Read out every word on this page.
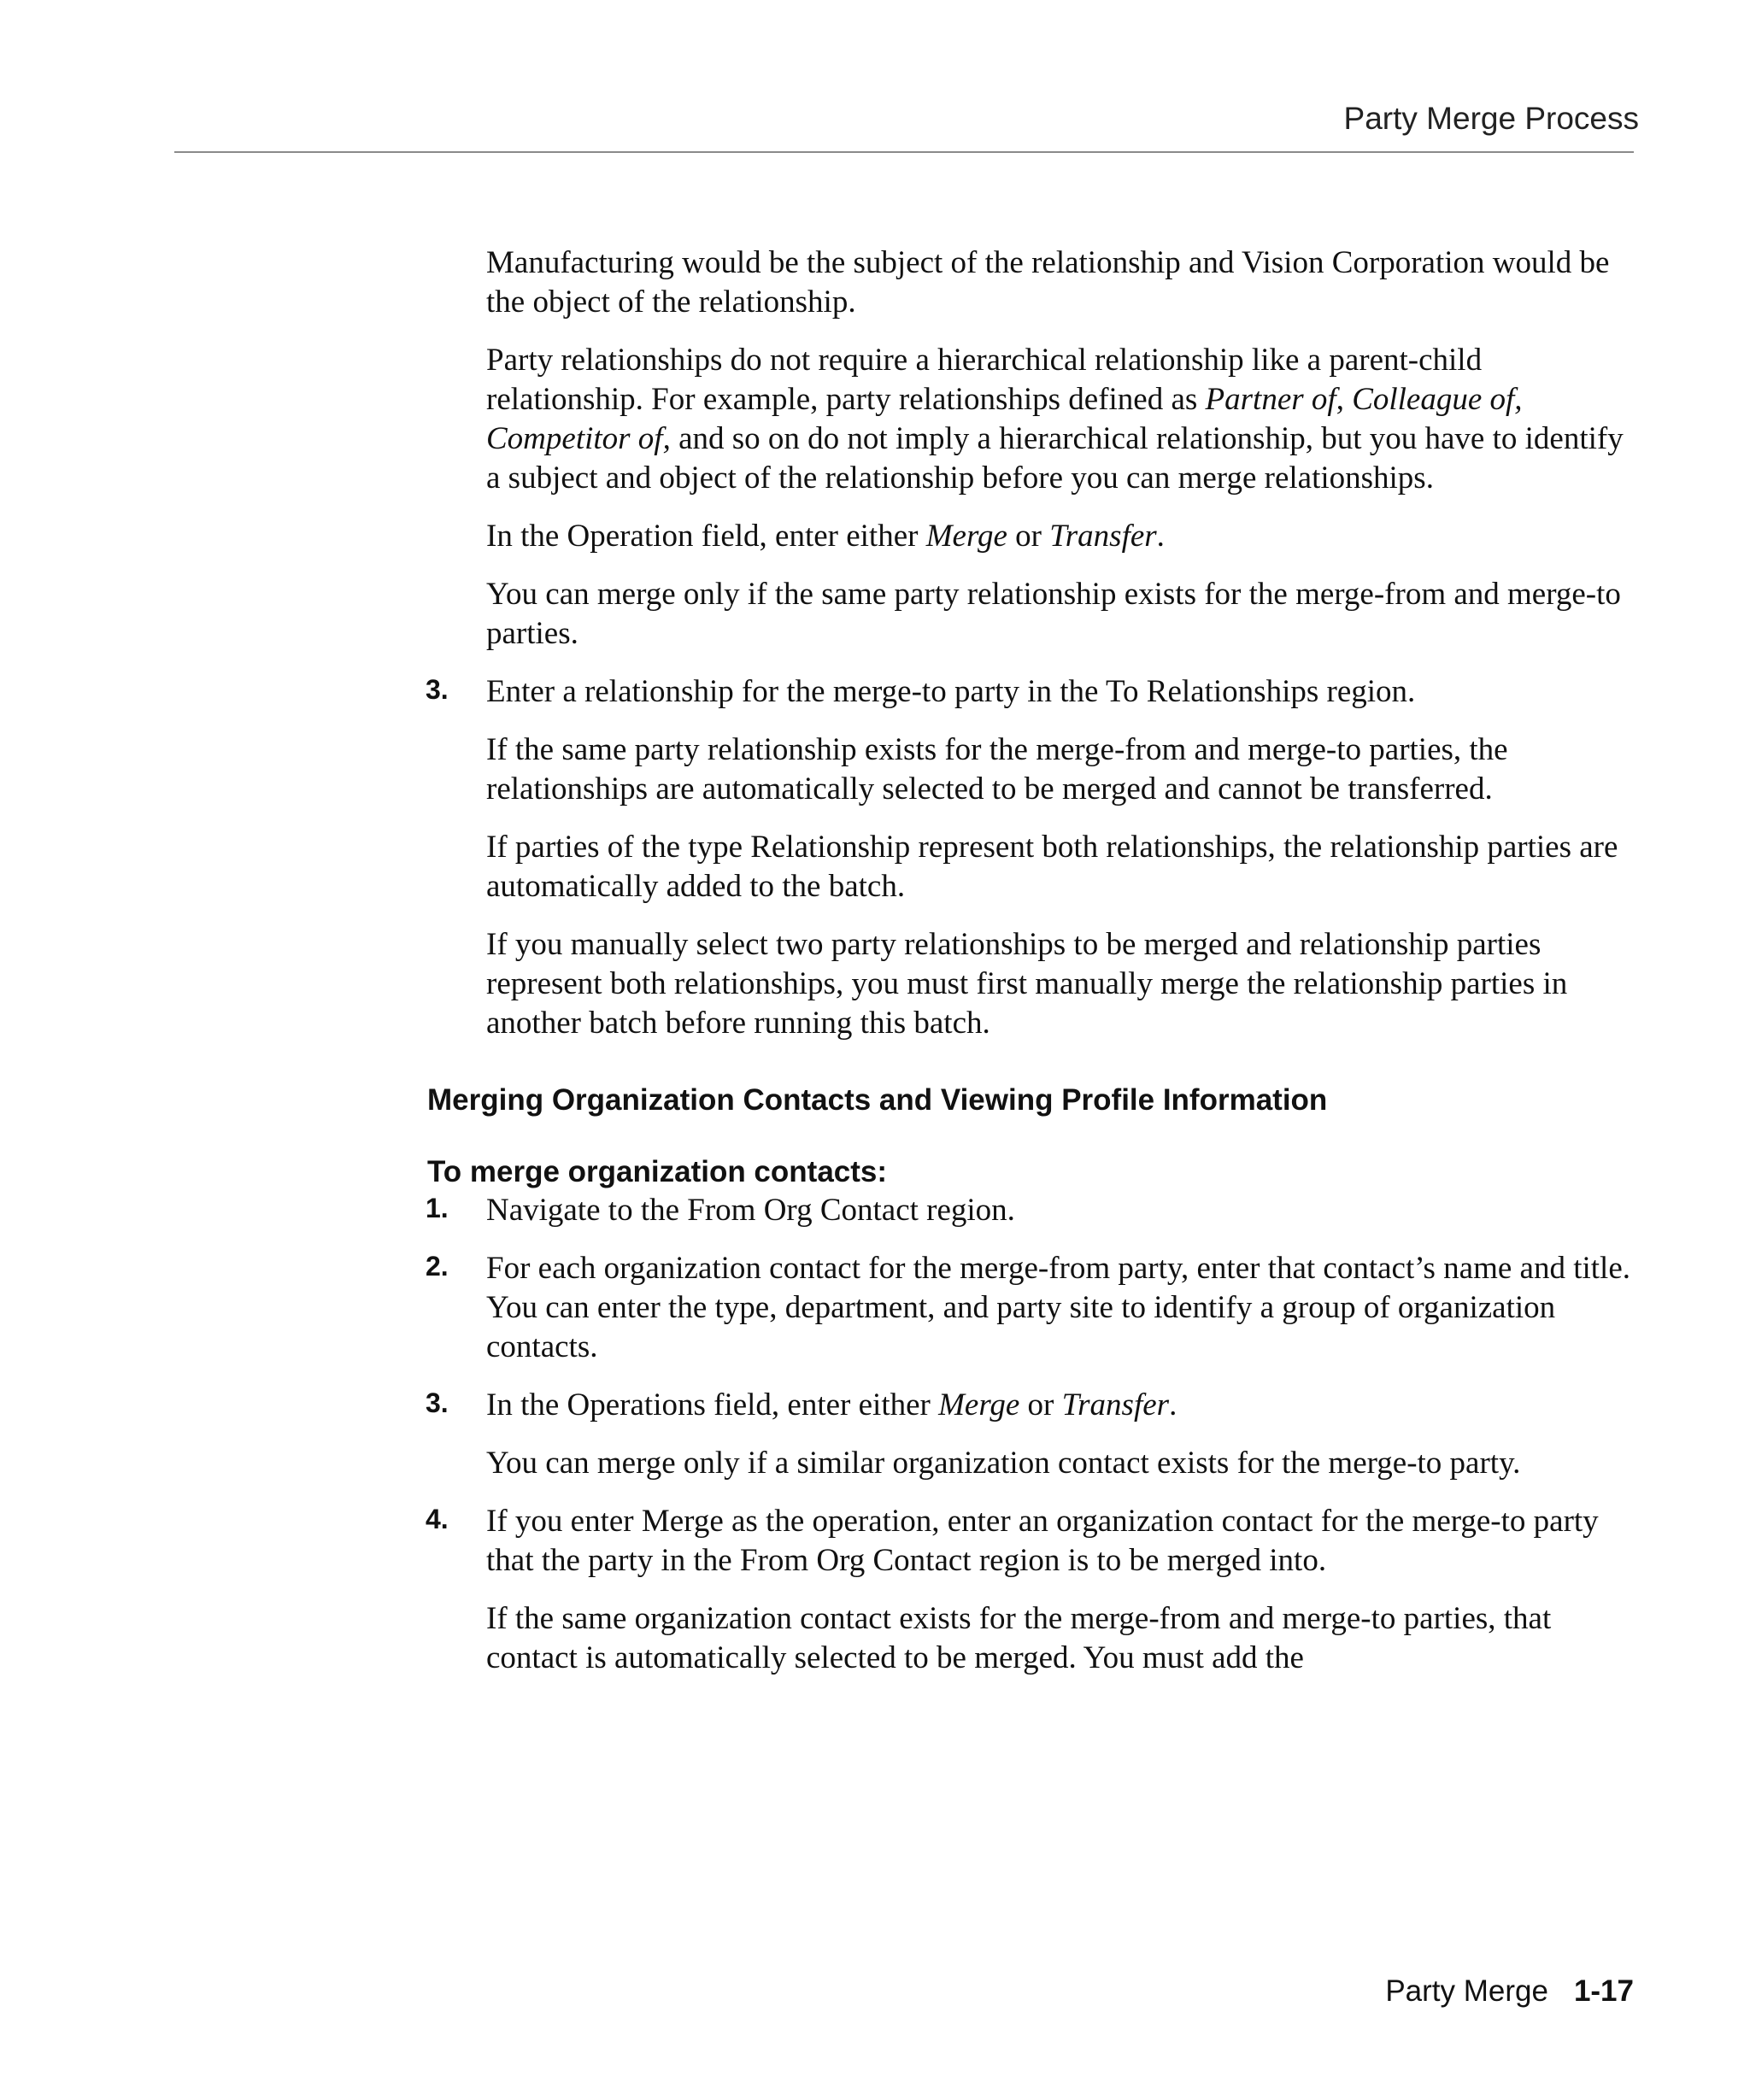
Party Merge Process

Manufacturing would be the subject of the relationship and Vision Corporation would be the object of the relationship.

Party relationships do not require a hierarchical relationship like a parent-child relationship. For example, party relationships defined as Partner of, Colleague of, Competitor of, and so on do not imply a hierarchical relationship, but you have to identify a subject and object of the relationship before you can merge relationships.

In the Operation field, enter either Merge or Transfer.

You can merge only if the same party relationship exists for the merge-from and merge-to parties.

3.	Enter a relationship for the merge-to party in the To Relationships region.

If the same party relationship exists for the merge-from and merge-to parties, the relationships are automatically selected to be merged and cannot be transferred.

If parties of the type Relationship represent both relationships, the relationship parties are automatically added to the batch.

If you manually select two party relationships to be merged and relationship parties represent both relationships, you must first manually merge the relationship parties in another batch before running this batch.

Merging Organization Contacts and Viewing Profile Information
To merge organization contacts:
1.	Navigate to the From Org Contact region.

2.	For each organization contact for the merge-from party, enter that contact’s name and title. You can enter the type, department, and party site to identify a group of organization contacts.

3.	In the Operations field, enter either Merge or Transfer.

You can merge only if a similar organization contact exists for the merge-to party.

4.	If you enter Merge as the operation, enter an organization contact for the merge-to party that the party in the From Org Contact region is to be merged into.

If the same organization contact exists for the merge-from and merge-to parties, that contact is automatically selected to be merged. You must add the

Party Merge 1-17
